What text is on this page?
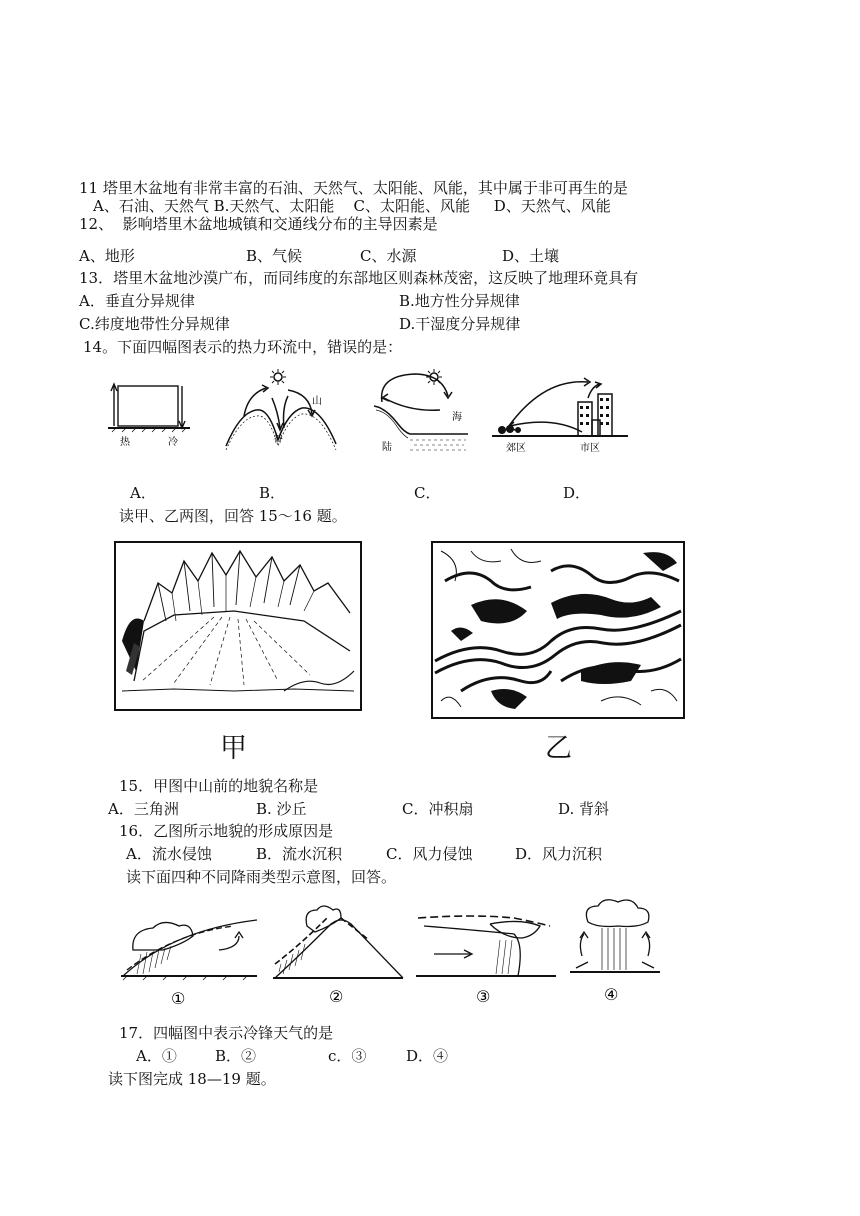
11 塔里木盆地有非常丰富的石油、天然气、太阳能、风能，其中属于非可再生的是
A、石油、天然气 B.天然气、太阳能    C、太阳能、风能     D、天然气、风能
12、  影响塔里木盆地城镇和交通线分布的主导因素是
A、地形	B、气候	C、水源	D、土壤
13．塔里木盆地沙漠广布，而同纬度的东部地区则森林茂密，这反映了地理环竟具有
A．垂直分异规律	B.地方性分异规律
C.纬度地带性分异规律	D.干湿度分异规律
14。下面四幅图表示的热力环流中，错误的是：
热	冷
山
谷
海
陆	郊区	市区
A．	B．	C．	D．
读甲、乙两图，回答 15～16 题。
甲	乙
15．甲图中山前的地貌名称是
A．三角洲	B. 沙丘	C．冲积扇	D. 背斜
16．乙图所示地貌的形成原因是
A．流水侵蚀	B．流水沉积	C．风力侵蚀	D．风力沉积
读下面四种不同降雨类型示意图，回答。
①	②	③	④
17．四幅图中表示冷锋天气的是
A．①	B．②	c．③	D．④
读下图完成 18—19 题。
